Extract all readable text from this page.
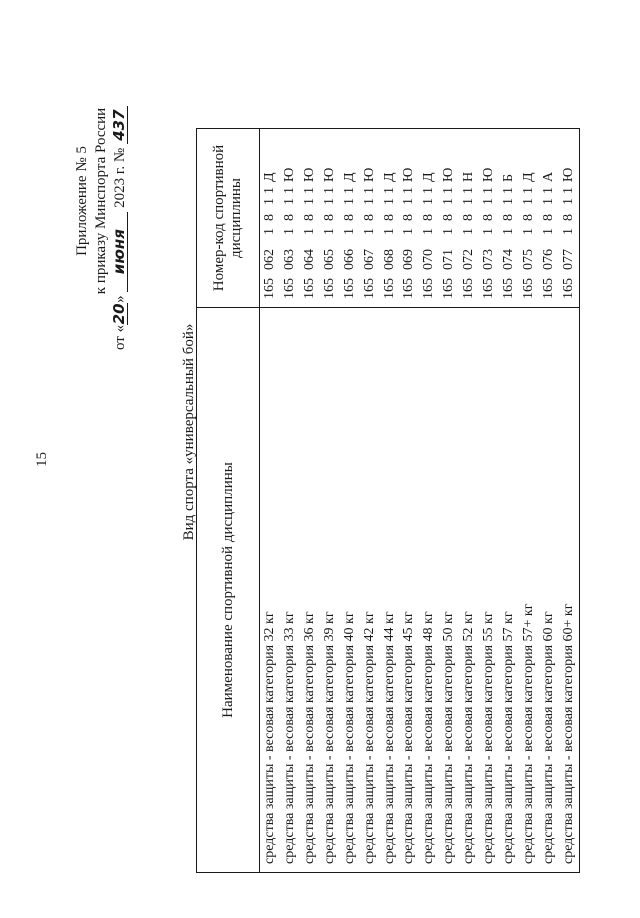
15
Приложение № 5 к приказу Минспорта России
от «20» июня 2023 г. № 437
Вид спорта «универсальный бой»
Наименование спортивной дисциплины	Номер-код спортивной дисциплины
средства защиты - весовая категория 32 кг	1650621811Д
средства защиты - весовая категория 33 кг	1650631811Ю
средства защиты - весовая категория 36 кг	1650641811Ю
средства защиты - весовая категория 39 кг	1650651811Ю
средства защиты - весовая категория 40 кг	1650661811Д
средства защиты - весовая категория 42 кг	1650671811Ю
средства защиты - весовая категория 44 кг	1650681811Д
средства защиты - весовая категория 45 кг	1650691811Ю
средства защиты - весовая категория 48 кг	1650701811Д
средства защиты - весовая категория 50 кг	1650711811Ю
средства защиты - весовая категория 52 кг	1650721811Н
средства защиты - весовая категория 55 кг	1650731811Ю
средства защиты - весовая категория 57 кг	1650741811Б
средства защиты - весовая категория 57+ кг	1650751811Д
средства защиты - весовая категория 60 кг	1650761811А
средства защиты - весовая категория 60+ кг	1650771811Ю
